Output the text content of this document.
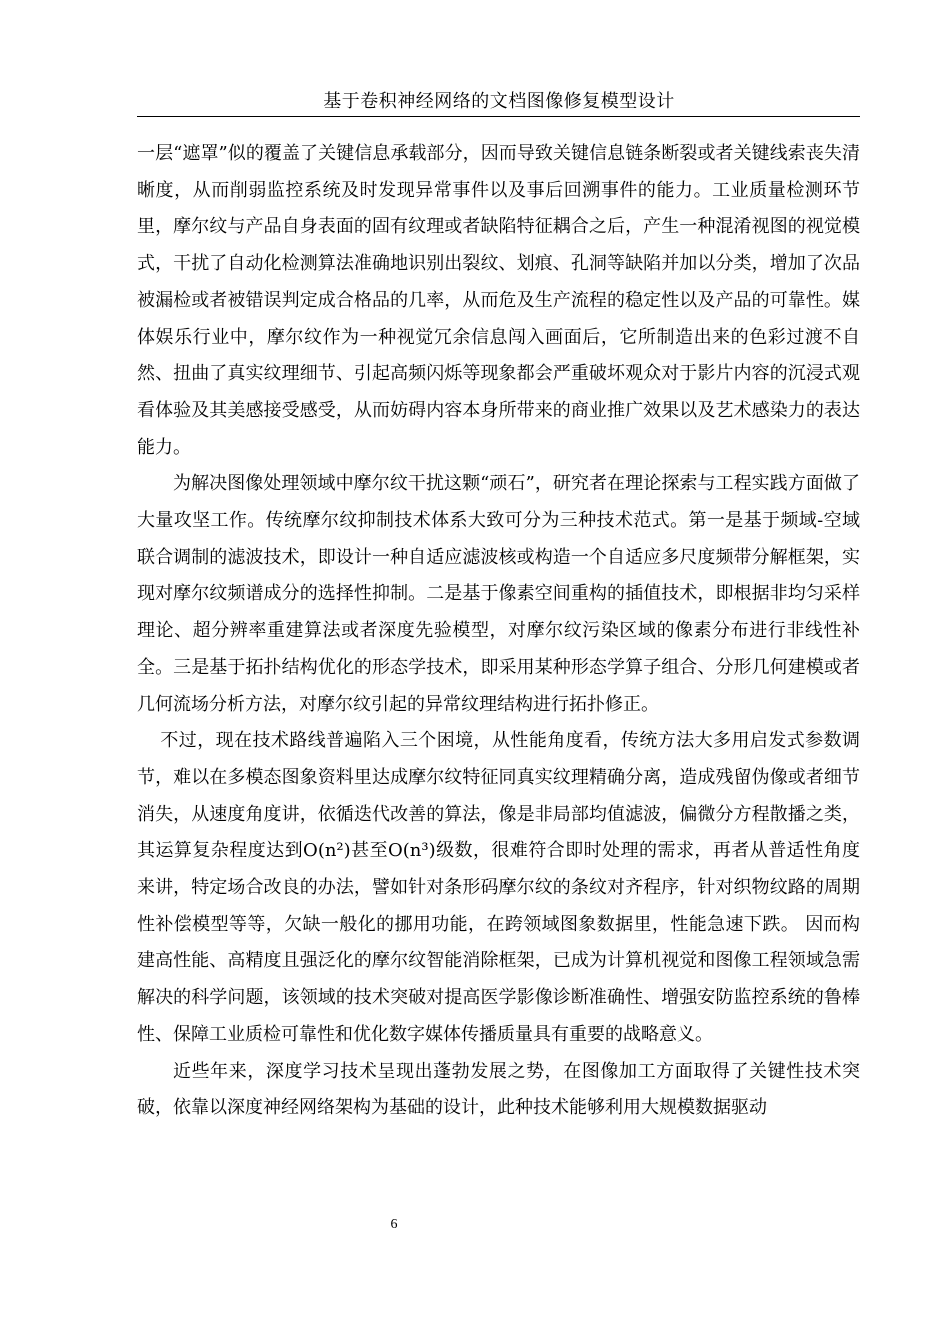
基于卷积神经网络的文档图像修复模型设计

一层“遮罩”似的覆盖了关键信息承载部分，因而导致关键信息链条断裂或者关键线索丧失清晰度，从而削弱监控系统及时发现异常事件以及事后回溯事件的能力。工业质量检测环节里，摩尔纹与产品自身表面的固有纹理或者缺陷特征耦合之后，产生一种混淆视图的视觉模式，干扰了自动化检测算法准确地识别出裂纹、划痕、孔洞等缺陷并加以分类，增加了次品被漏检或者被错误判定成合格品的几率，从而危及生产流程的稳定性以及产品的可靠性。媒体娱乐行业中，摩尔纹作为一种视觉冗余信息闯入画面后，它所制造出来的色彩过渡不自然、扭曲了真实纹理细节、引起高频闪烁等现象都会严重破坏观众对于影片内容的沉浸式观看体验及其美感接受感受，从而妨碍内容本身所带来的商业推广效果以及艺术感染力的表达能力。

为解决图像处理领域中摩尔纹干扰这颗“顽石”，研究者在理论探索与工程实践方面做了大量攻坚工作。传统摩尔纹抑制技术体系大致可分为三种技术范式。第一是基于频域-空域联合调制的滤波技术，即设计一种自适应滤波核或构造一个自适应多尺度频带分解框架，实现对摩尔纹频谱成分的选择性抑制。二是基于像素空间重构的插值技术，即根据非均匀采样理论、超分辨率重建算法或者深度先验模型，对摩尔纹污染区域的像素分布进行非线性补全。三是基于拓扑结构优化的形态学技术，即采用某种形态学算子组合、分形几何建模或者几何流场分析方法，对摩尔纹引起的异常纹理结构进行拓扑修正。

不过，现在技术路线普遍陷入三个困境，从性能角度看，传统方法大多用启发式参数调节，难以在多模态图象资料里达成摩尔纹特征同真实纹理精确分离，造成残留伪像或者细节消失，从速度角度讲，依循迭代改善的算法，像是非局部均值滤波，偏微分方程散播之类，其运算复杂程度达到O(n²)甚至O(n³)级数，很难符合即时处理的需求，再者从普适性角度来讲，特定场合改良的办法，譬如针对条形码摩尔纹的条纹对齐程序，针对织物纹路的周期性补偿模型等等，欠缺一般化的挪用功能，在跨领域图象数据里，性能急速下跌。 因而构建高性能、高精度且强泛化的摩尔纹智能消除框架，已成为计算机视觉和图像工程领域急需解决的科学问题，该领域的技术突破对提高医学影像诊断准确性、增强安防监控系统的鲁棒性、保障工业质检可靠性和优化数字媒体传播质量具有重要的战略意义。

近些年来，深度学习技术呈现出蓬勃发展之势，在图像加工方面取得了关键性技术突破，依靠以深度神经网络架构为基础的设计，此种技术能够利用大规模数据驱动

6
